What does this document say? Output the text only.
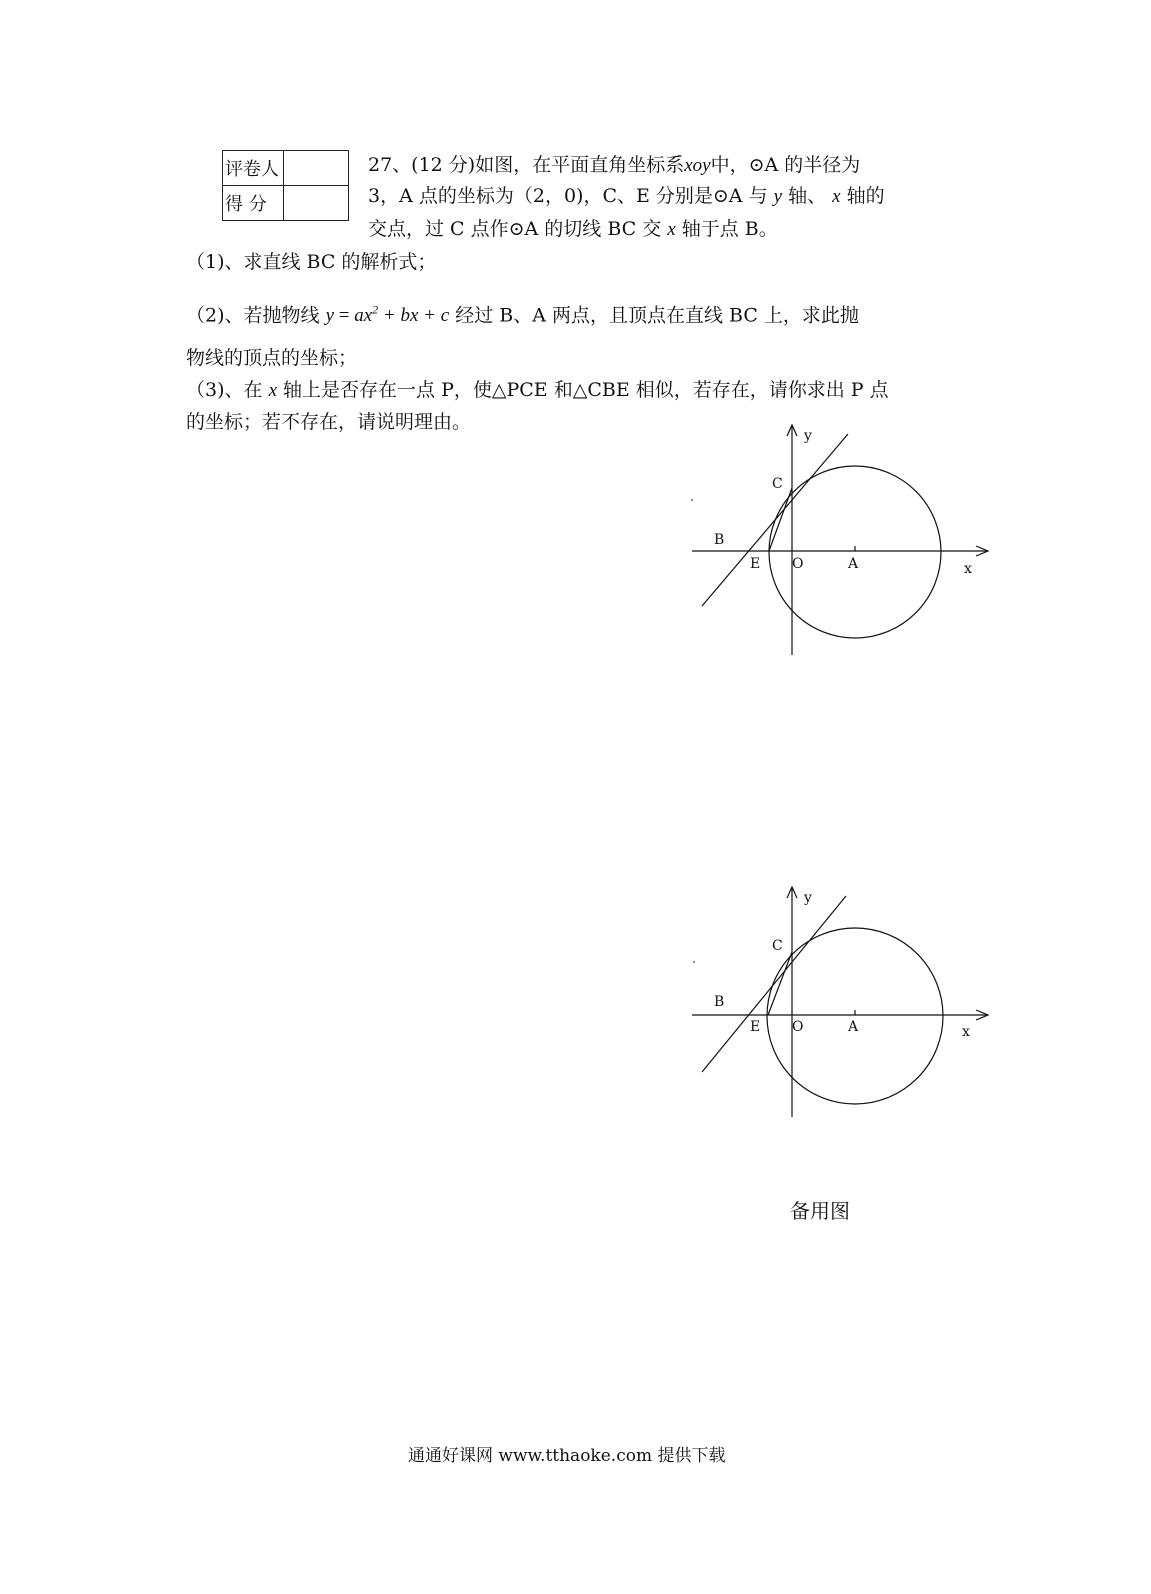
评卷人	
得 分	
27、(12 分)如图，在平面直角坐标系xoy中，⊙A 的半径为
3，A 点的坐标为（2，0)，C、E 分别是⊙A 与 y 轴、 x 轴的
交点，过 C 点作⊙A 的切线 BC 交 x 轴于点 B。
（1)、求直线 BC 的解析式；
（2)、若抛物线 $y = ax^2$ + bx + c 经过 B、A 两点，且顶点在直线 BC 上，求此抛
物线的顶点的坐标；
（3)、在 x 轴上是否存在一点 P，使△PCE 和△CBE 相似，若存在，请你求出 P 点
的坐标；若不存在，请说明理由。
y
x
C
B
E O	A
y
x
C
B
E O	A
备用图
通通好课网 www.tthaoke.com 提供下载
